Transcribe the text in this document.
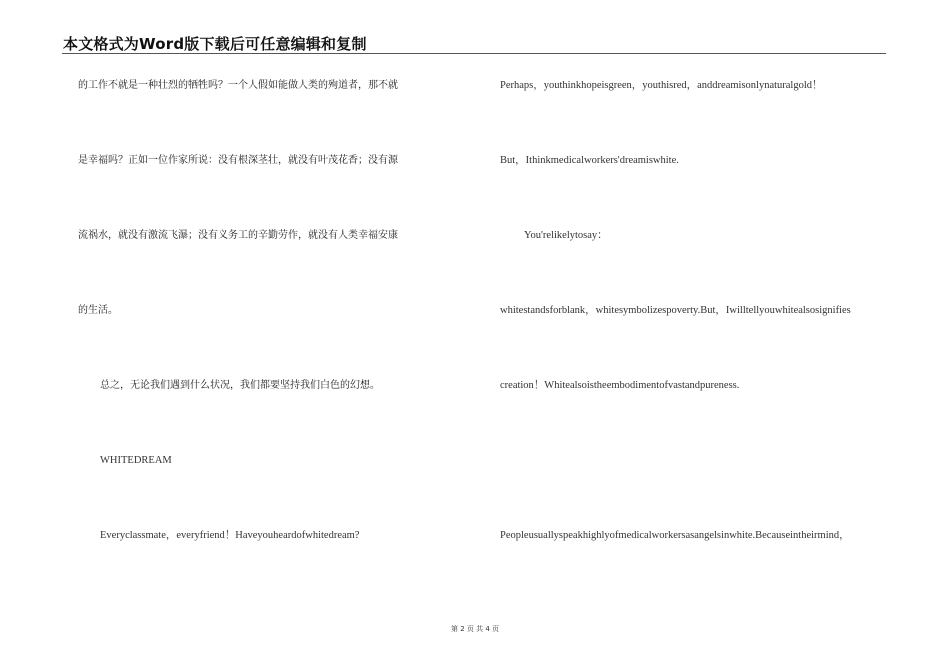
本文格式为Word版下载后可任意编辑和复制
的工作不就是一种壮烈的牺牲吗？一个人假如能做人类的殉道者，那不就
是幸福吗？正如一位作家所说：没有根深茎壮，就没有叶茂花香；没有源
流祸水，就没有激流飞瀑；没有义务工的辛勤劳作，就没有人类幸福安康
的生活。
总之，无论我们遇到什么状况，我们都要坚持我们白色的幻想。
WHITEDREAM
Everyclassmate，everyfriend！Haveyouheardofwhitedream?
Perhaps，youthinkhopeisgreen，youthisred，anddreamisonlynaturalgold！
But，Ithinkmedicalworkers'dreamiswhite.
You'relikelytosay：
whitestandsforblank，whitesymbolizespoverty.But，Iwilltellyouwhitealsosignifies
creation！Whitealsoistheembodimentofvastandpureness.
Peopleusuallyspeakhighlyofmedicalworkersasangelsinwhite.Becauseintheirmind，
第 2 页 共 4 页
